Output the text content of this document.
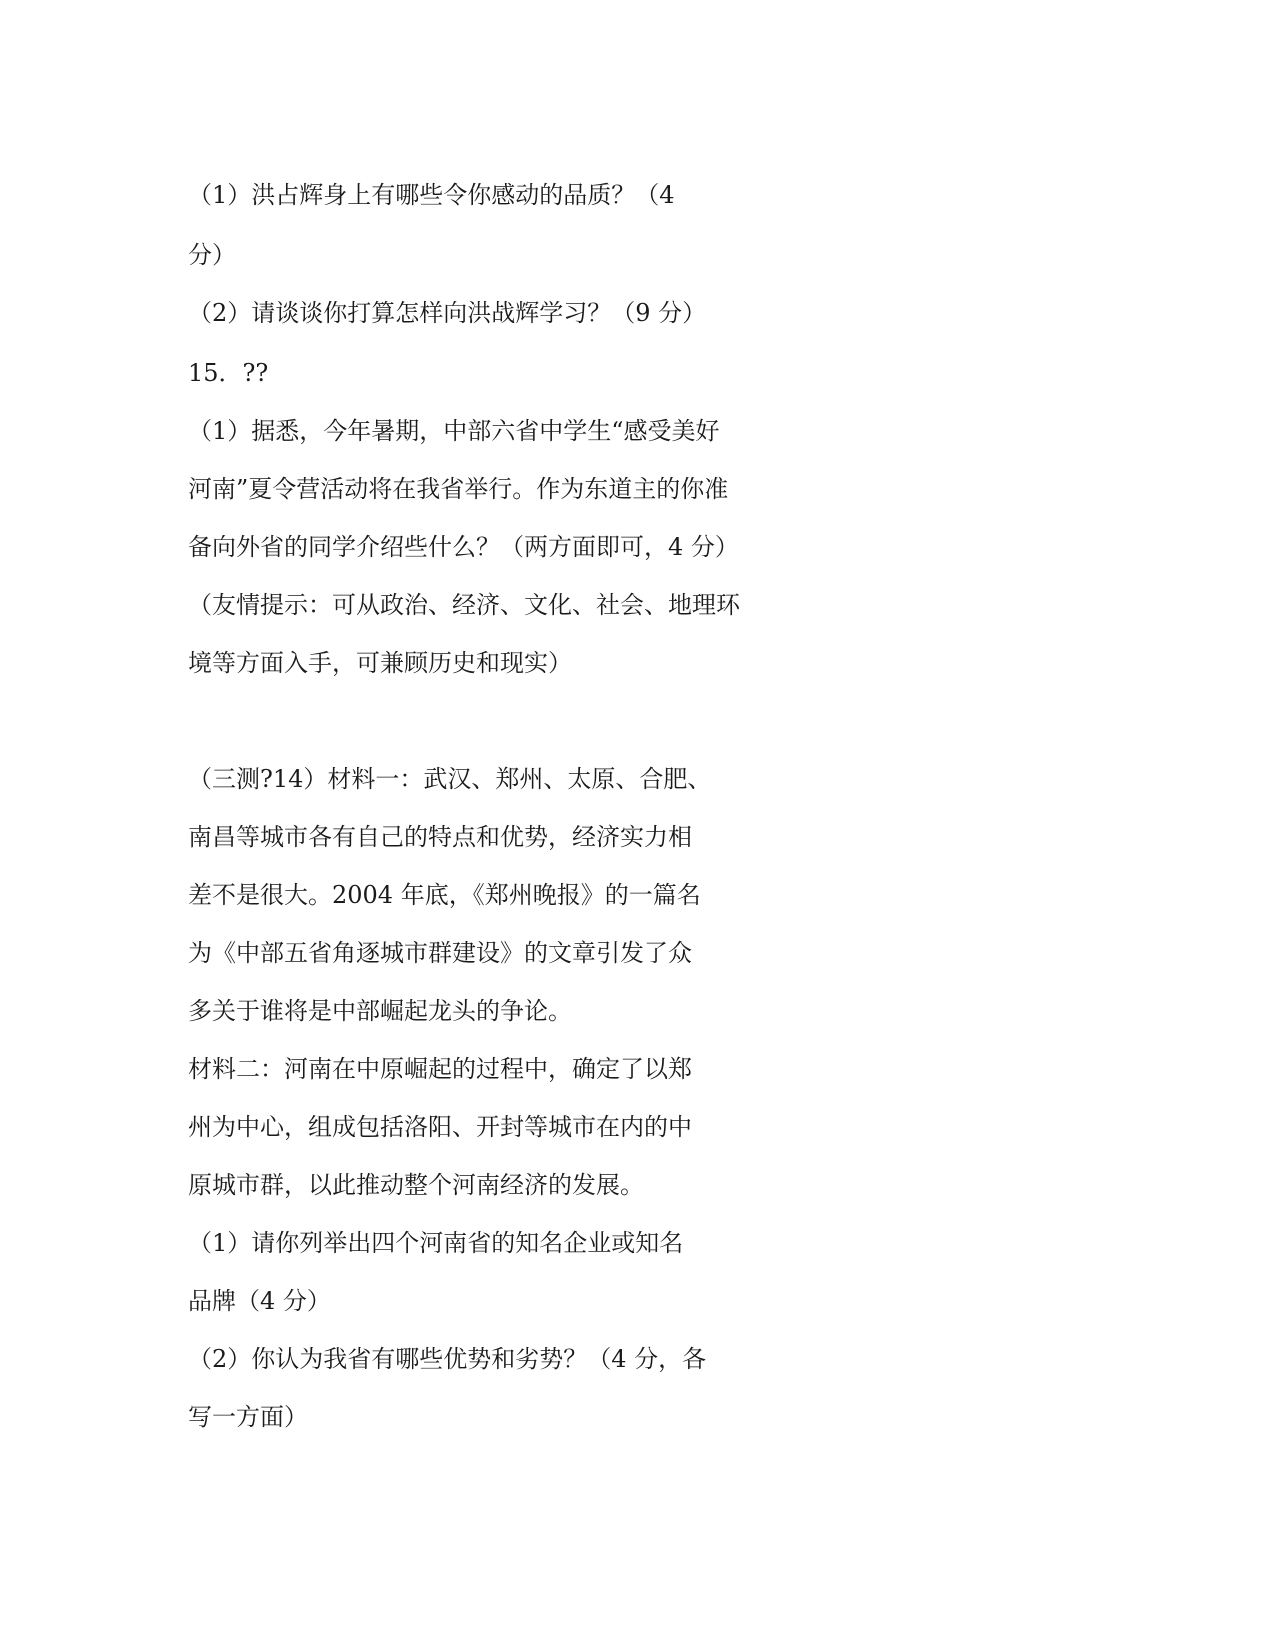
（1）洪占辉身上有哪些令你感动的品质？（4

分）

（2）请谈谈你打算怎样向洪战辉学习？（9 分）

15．??

（1）据悉，今年暑期，中部六省中学生“感受美好

河南”夏令营活动将在我省举行。作为东道主的你准

备向外省的同学介绍些什么？（两方面即可，4 分）

（友情提示：可从政治、经济、文化、社会、地理环

境等方面入手，可兼顾历史和现实）

（三测?14）材料一：武汉、郑州、太原、合肥、

南昌等城市各有自己的特点和优势，经济实力相

差不是很大。2004 年底，《郑州晚报》的一篇名

为《中部五省角逐城市群建设》的文章引发了众

多关于谁将是中部崛起龙头的争论。

材料二：河南在中原崛起的过程中，确定了以郑

州为中心，组成包括洛阳、开封等城市在内的中

原城市群，以此推动整个河南经济的发展。

（1）请你列举出四个河南省的知名企业或知名

品牌（4 分）

（2）你认为我省有哪些优势和劣势？（4 分，各

写一方面）
